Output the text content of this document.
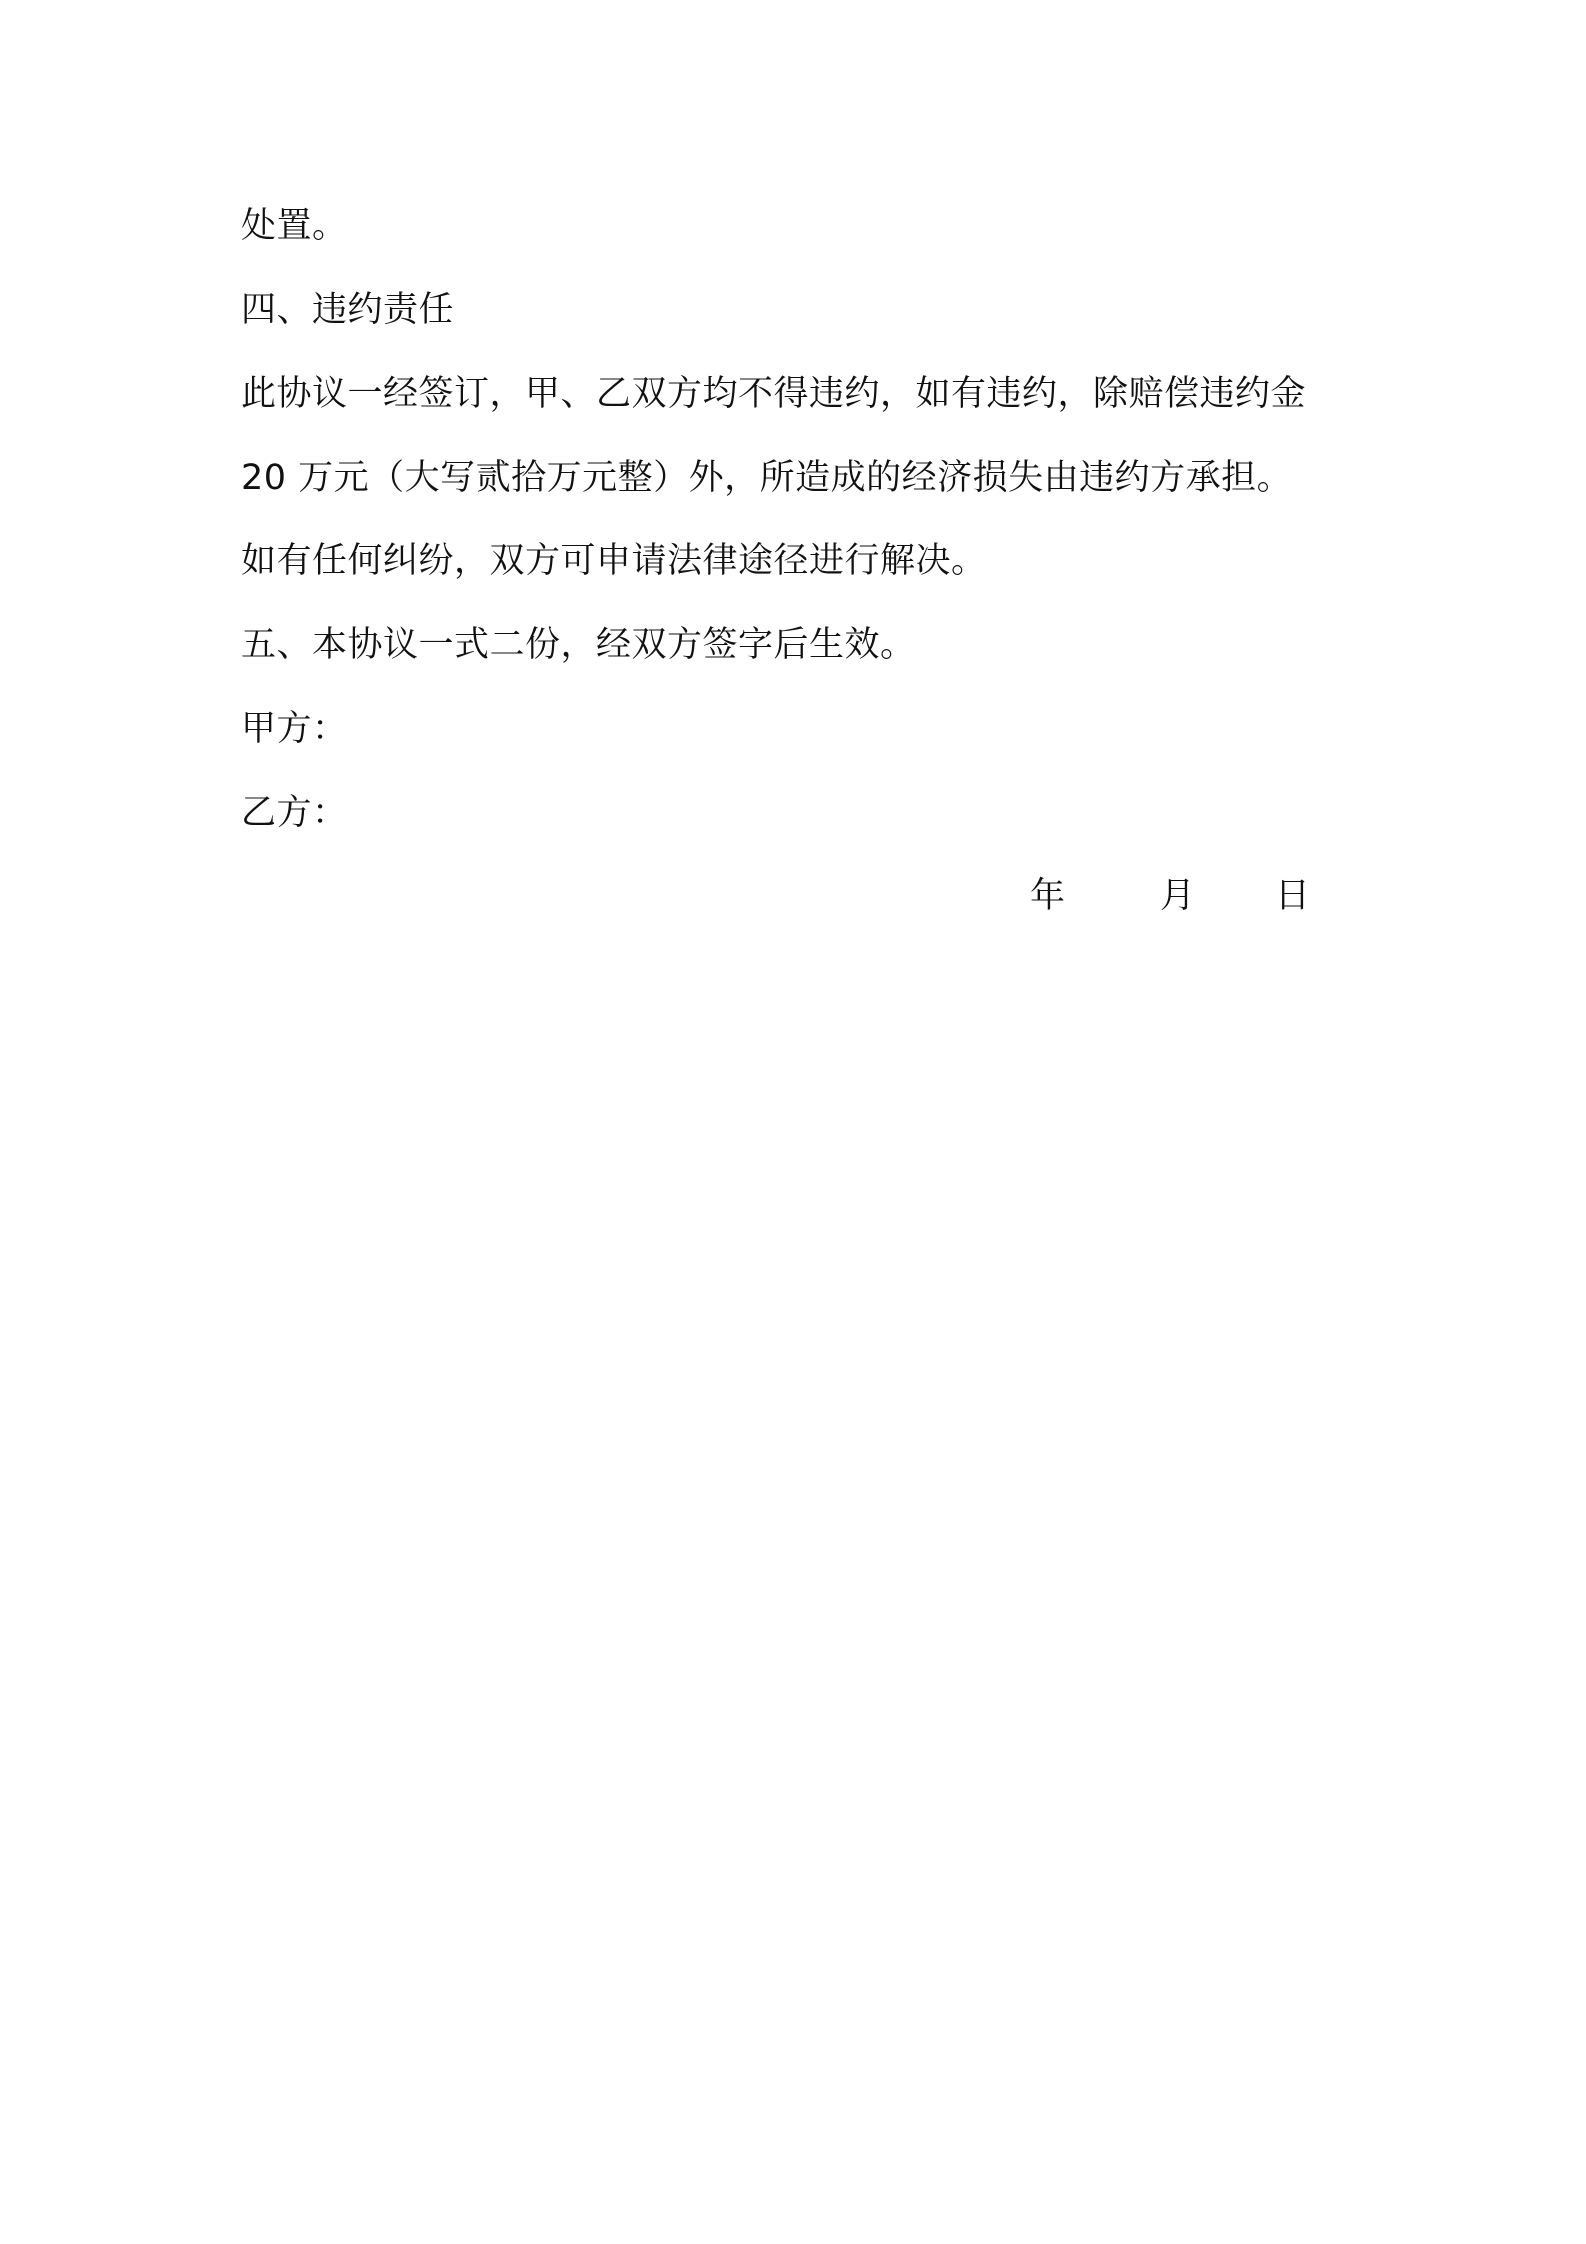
处置。
四、违约责任
此协议一经签订，甲、乙双方均不得违约，如有违约，除赔偿违约金
20 万元（大写贰拾万元整）外，所造成的经济损失由违约方承担。
如有任何纠纷，双方可申请法律途径进行解决。
五、本协议一式二份，经双方签字后生效。
甲方：
乙方：
年	月 日
